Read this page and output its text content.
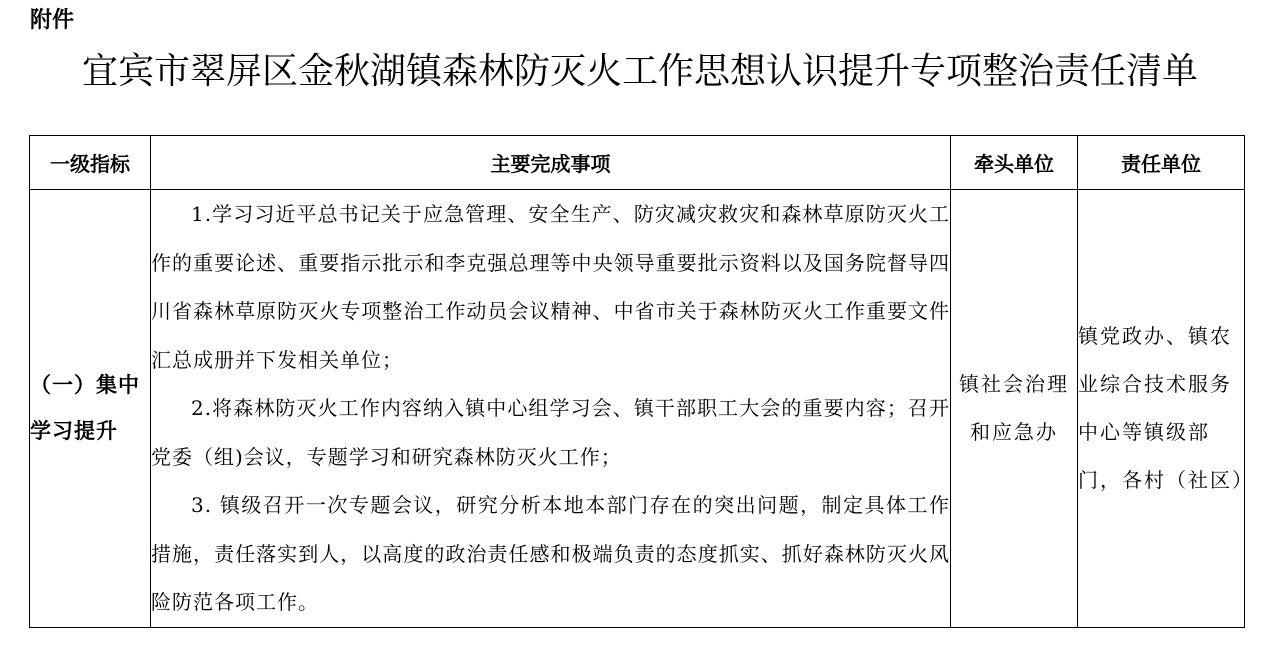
附件
宜宾市翠屏区金秋湖镇森林防灭火工作思想认识提升专项整治责任清单
一级指标	主要完成事项	牵头单位	责任单位
（一）集中学习提升	1.学习习近平总书记关于应急管理、安全生产、防灾减灾救灾和森林草原防灭火工作的重要论述、重要指示批示和李克强总理等中央领导重要批示资料以及国务院督导四川省森林草原防灭火专项整治工作动员会议精神、中省市关于森林防灭火工作重要文件汇总成册并下发相关单位；

2.将森林防灭火工作内容纳入镇中心组学习会、镇干部职工大会的重要内容；召开党委（组)会议，专题学习和研究森林防灭火工作；

3. 镇级召开一次专题会议，研究分析本地本部门存在的突出问题，制定具体工作措施，责任落实到人，以高度的政治责任感和极端负责的态度抓实、抓好森林防灭火风险防范各项工作。	镇社会治理和应急办	镇党政办、镇农业综合技术服务中心等镇级部门，各村（社区）
